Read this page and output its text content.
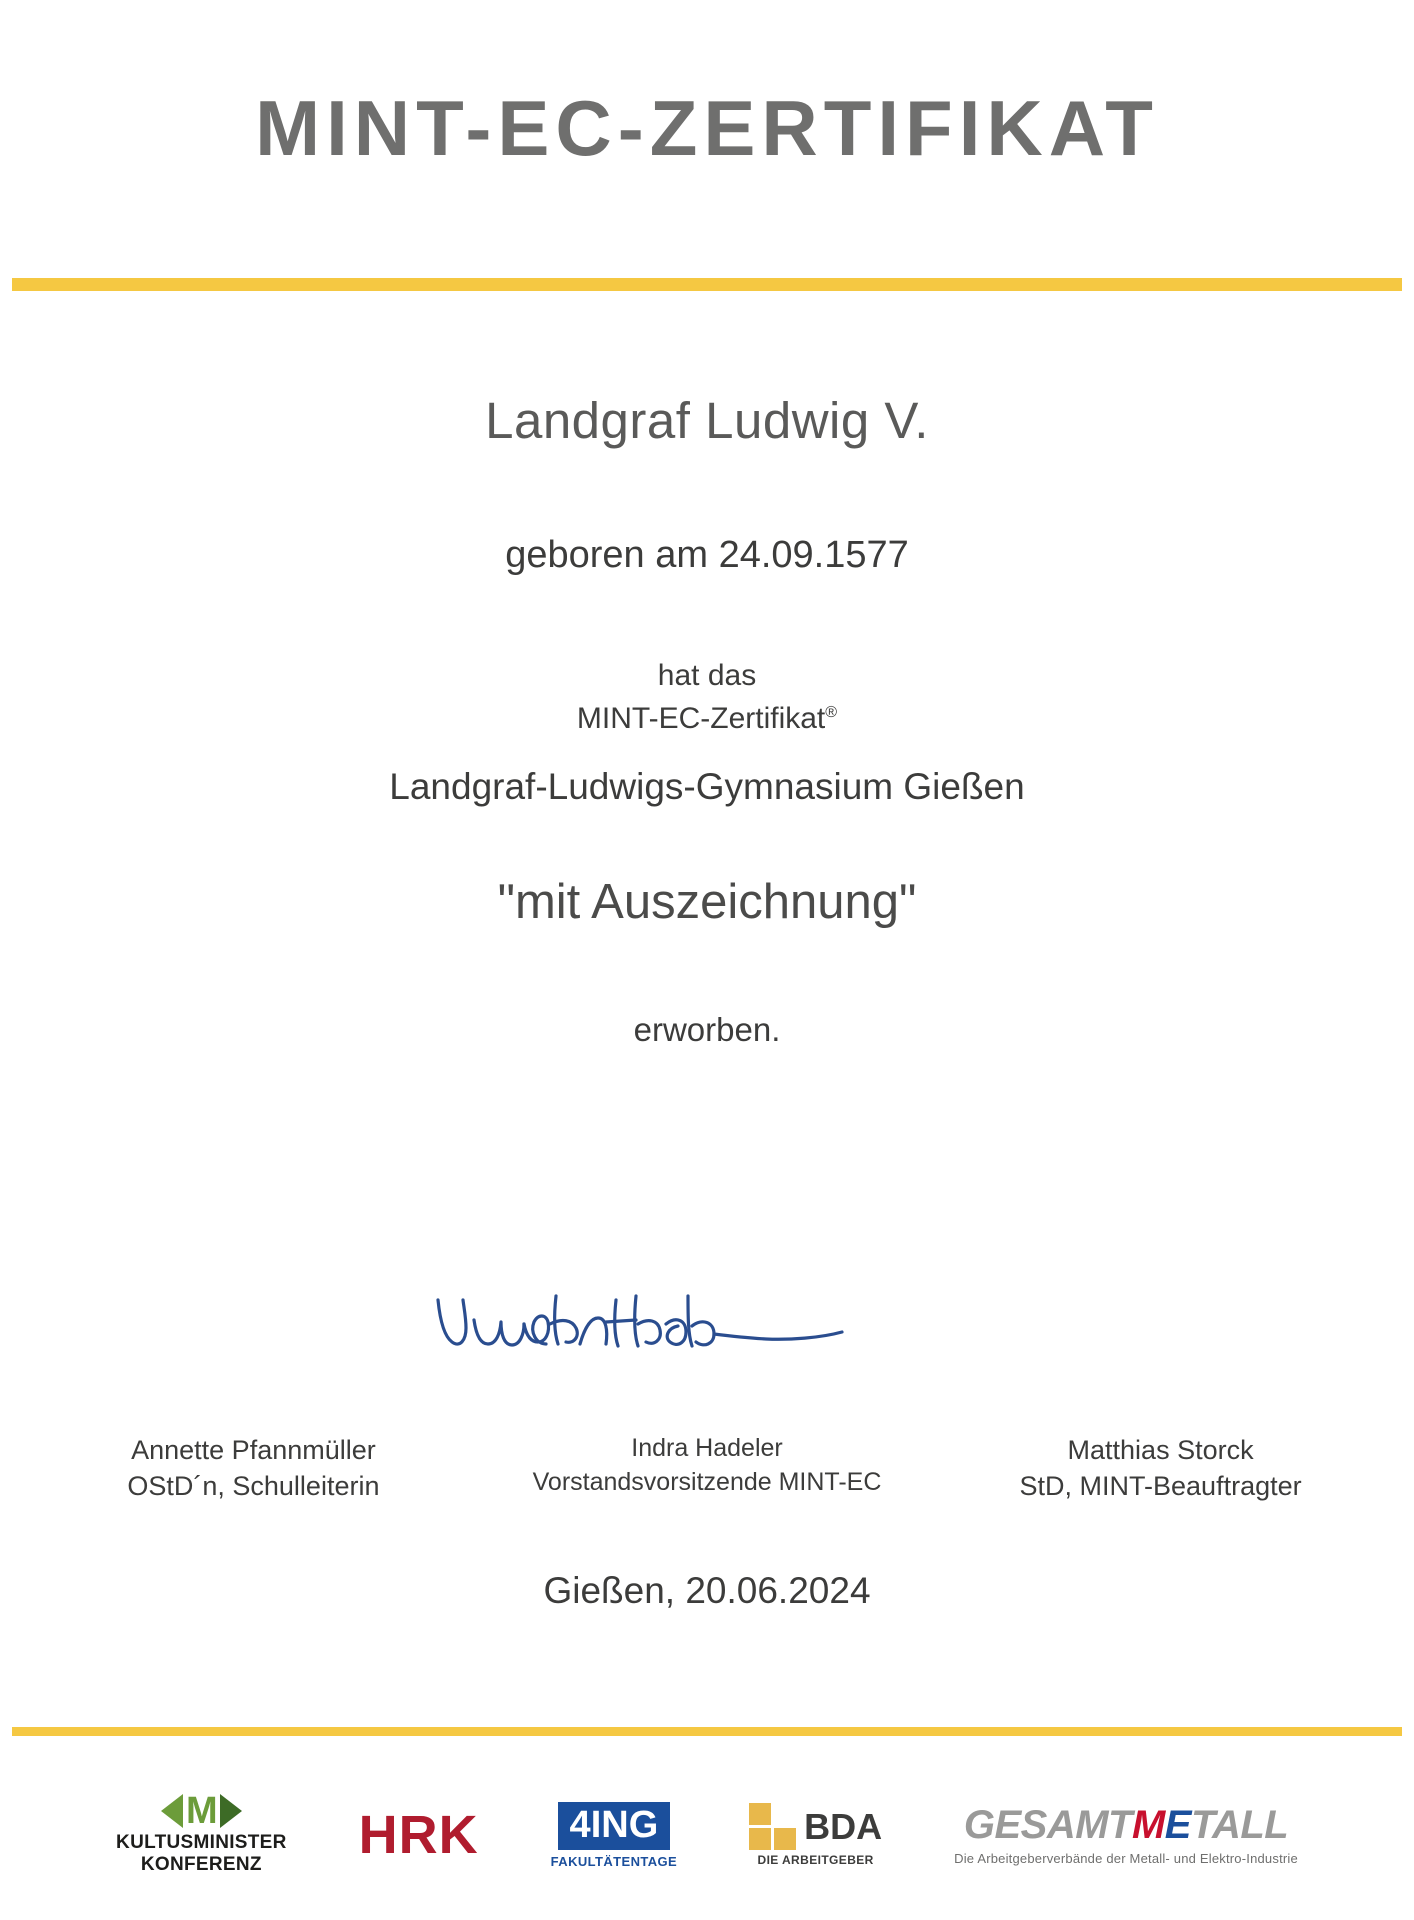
MINT-EC-ZERTIFIKAT

Landgraf Ludwig V.

geboren am 24.09.1577

hat das

MINT-EC-Zertifikat®

Landgraf-Ludwigs-Gymnasium Gießen

"mit Auszeichnung"

erworben.

Annette Pfannmüller
OStD´n, Schulleiterin
Indra Hadeler
Vorstandsvorsitzende MINT-EC
Matthias Storck
StD, MINT-Beauftragter
Gießen, 20.06.2024
M
KULTUSMINISTER
KONFERENZ	HRK	4ING
FAKULTÄTENTAGE
BDA
DIE ARBEITGEBER
GESAMTMETALL
Die Arbeitgeberverbände der Metall- und Elektro-Industrie
